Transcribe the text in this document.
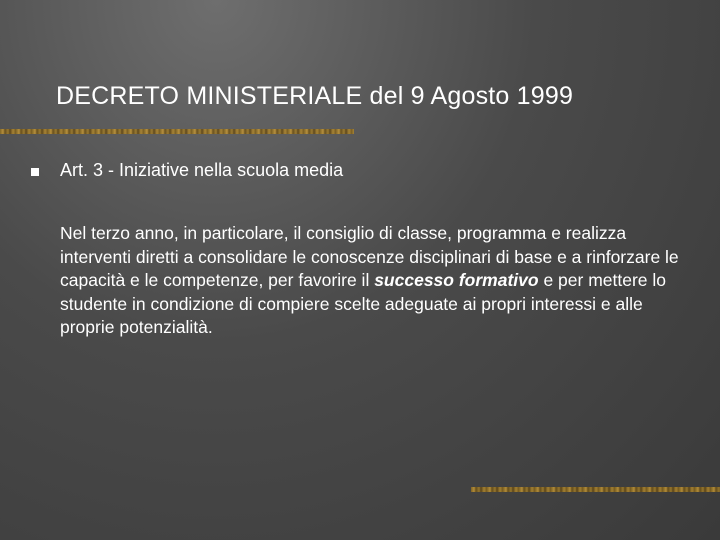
DECRETO MINISTERIALE del 9 Agosto 1999
Art. 3 - Iniziative nella scuola media
Nel terzo anno, in particolare, il consiglio di classe, programma e realizza interventi diretti a consolidare le conoscenze disciplinari di base e a rinforzare le capacità e le competenze, per favorire il successo formativo e per mettere lo studente in condizione di compiere scelte adeguate ai propri interessi e alle proprie potenzialità.
